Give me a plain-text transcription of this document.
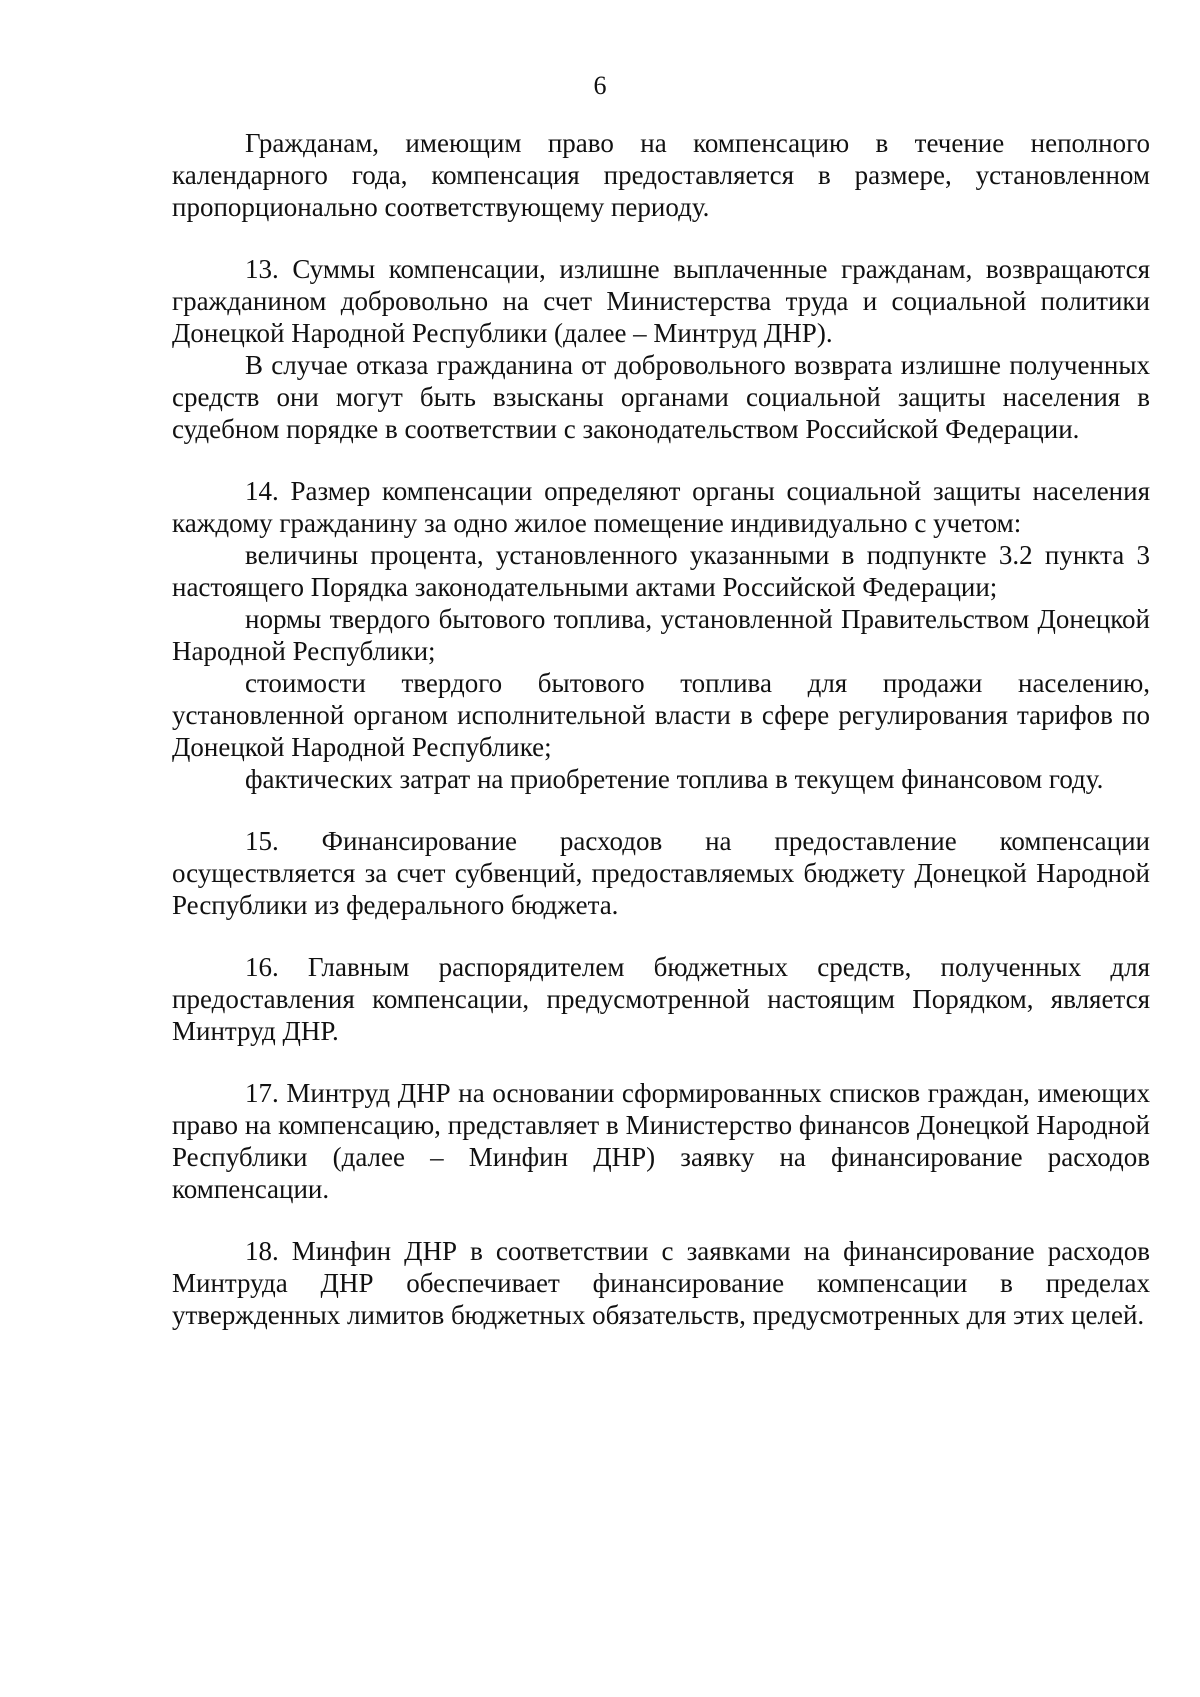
6

Гражданам, имеющим право на компенсацию в течение неполного календарного года, компенсация предоставляется в размере, установленном пропорционально соответствующему периоду.

13. Суммы компенсации, излишне выплаченные гражданам, возвращаются гражданином добровольно на счет Министерства труда и социальной политики Донецкой Народной Республики (далее – Минтруд ДНР).

В случае отказа гражданина от добровольного возврата излишне полученных средств они могут быть взысканы органами социальной защиты населения в судебном порядке в соответствии с законодательством Российской Федерации.

14. Размер компенсации определяют органы социальной защиты населения каждому гражданину за одно жилое помещение индивидуально с учетом:

величины процента, установленного указанными в подпункте 3.2 пункта 3 настоящего Порядка законодательными актами Российской Федерации;

нормы твердого бытового топлива, установленной Правительством Донецкой Народной Республики;

стоимости твердого бытового топлива для продажи населению, установленной органом исполнительной власти в сфере регулирования тарифов по Донецкой Народной Республике;

фактических затрат на приобретение топлива в текущем финансовом году.

15. Финансирование расходов на предоставление компенсации осуществляется за счет субвенций, предоставляемых бюджету Донецкой Народной Республики из федерального бюджета.

16. Главным распорядителем бюджетных средств, полученных для предоставления компенсации, предусмотренной настоящим Порядком, является Минтруд ДНР.

17. Минтруд ДНР на основании сформированных списков граждан, имеющих право на компенсацию, представляет в Министерство финансов Донецкой Народной Республики (далее – Минфин ДНР) заявку на финансирование расходов компенсации.

18. Минфин ДНР в соответствии с заявками на финансирование расходов Минтруда ДНР обеспечивает финансирование компенсации в пределах утвержденных лимитов бюджетных обязательств, предусмотренных для этих целей.
